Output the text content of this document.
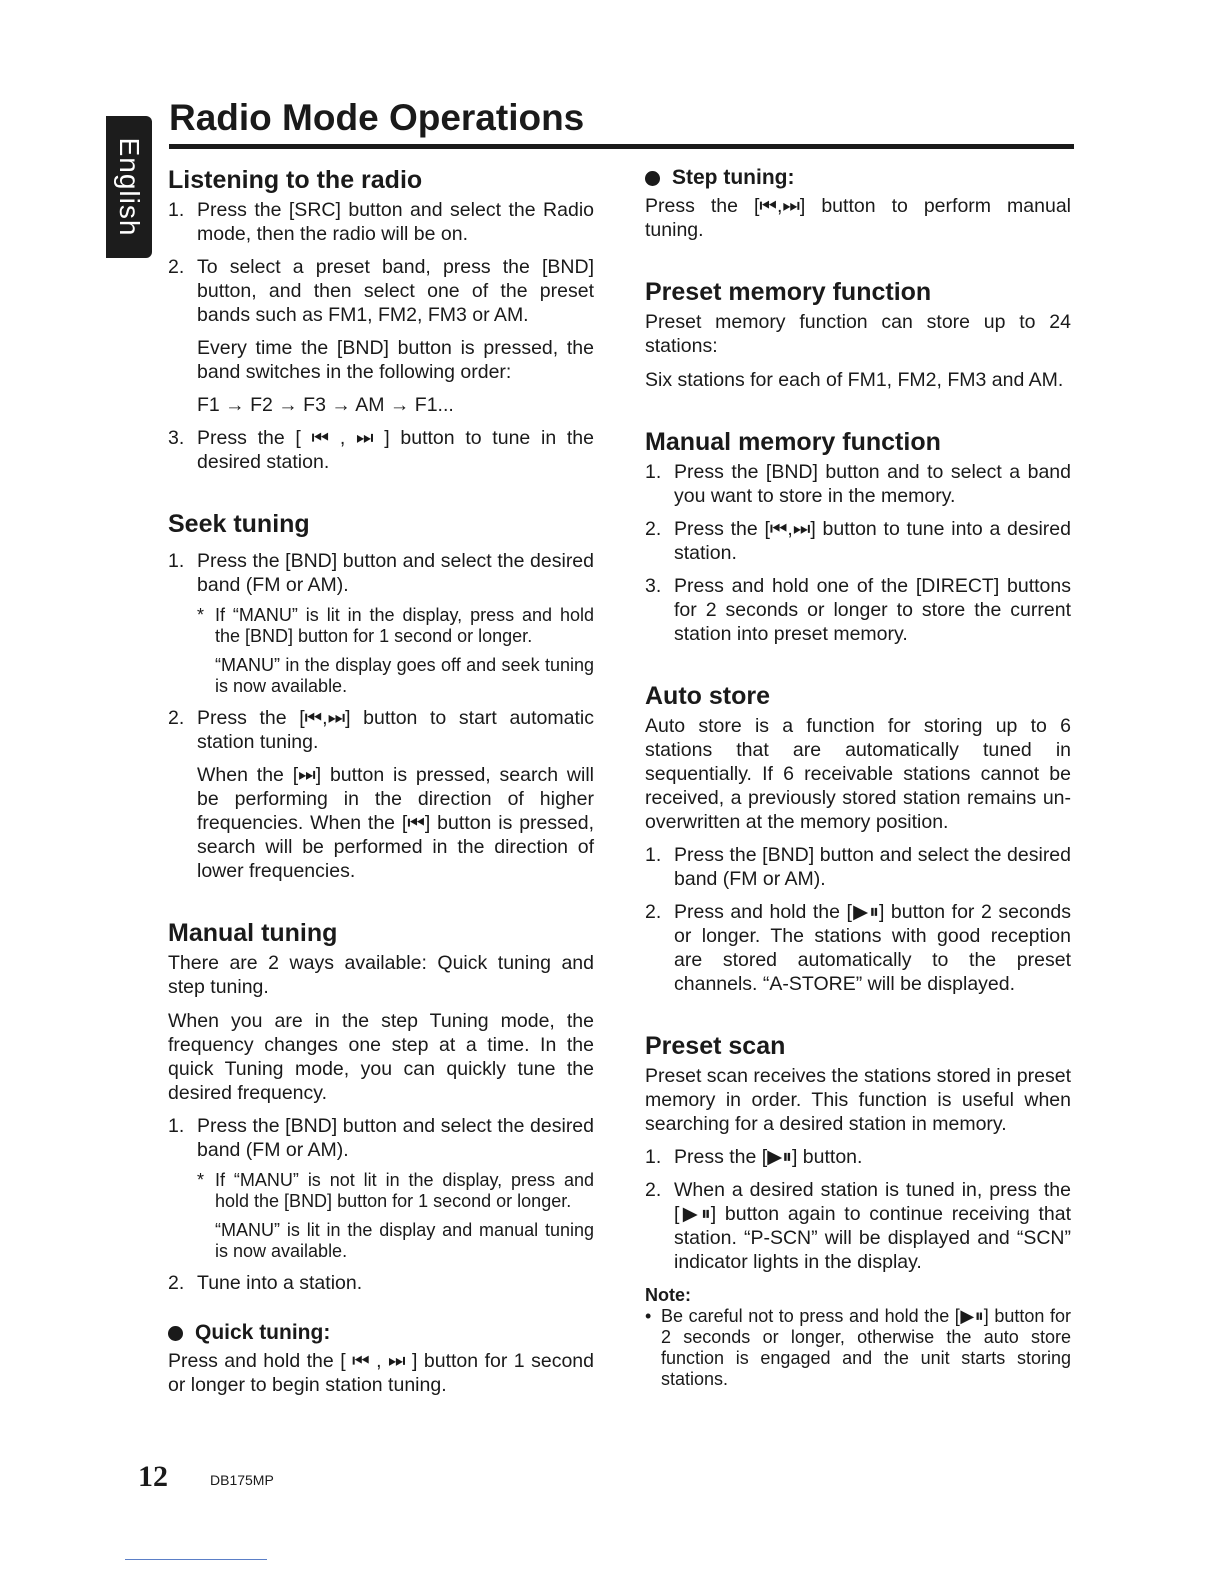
English
Radio Mode Operations
Listening to the radio
1. Press the [SRC] button and select the Radio mode, then the radio will be on.

2. To select a preset band, press the [BND] button, and then select one of the preset bands such as FM1, FM2, FM3 or AM.

Every time the [BND] button is pressed, the band switches in the following order:

F1 → F2 → F3 → AM → F1...

3. Press the [ ⏮ , ⏭ ] button to tune in the desired station.

Seek tuning
1. Press the [BND] button and select the desired band (FM or AM).

* If “MANU” is lit in the display, press and hold the [BND] button for 1 second or longer.

“MANU” in the display goes off and seek tuning is now available.

2. Press the [⏮,⏭] button to start automatic station tuning.

When the [⏭] button is pressed, search will be performing in the direction of higher frequencies. When the [⏮] button is pressed, search will be performed in the direction of lower frequencies.

Manual tuning

There are 2 ways available: Quick tuning and step tuning.

When you are in the step Tuning mode, the frequency changes one step at a time. In the quick Tuning mode, you can quickly tune the desired frequency.

1. Press the [BND] button and select the desired band (FM or AM).

* If “MANU” is not lit in the display, press and hold the [BND] button for 1 second or longer.

“MANU” is lit in the display and manual tuning is now available.

2. Tune into a station.

Quick tuning:

Press and hold the [ ⏮ , ⏭ ] button for 1 second or longer to begin station tuning.

Step tuning:

Press the [⏮,⏭] button to perform manual tuning.

Preset memory function

Preset memory function can store up to 24 stations:

Six stations for each of FM1, FM2, FM3 and AM.

Manual memory function
1. Press the [BND] button and to select a band you want to store in the memory.

2. Press the [⏮,⏭] button to tune into a desired station.

3. Press and hold one of the [DIRECT] buttons for 2 seconds or longer to store the current station into preset memory.

Auto store

Auto store is a function for storing up to 6 stations that are automatically tuned in sequentially. If 6 receivable stations cannot be received, a previously stored station remains un-overwritten at the memory position.

1. Press the [BND] button and select the desired band (FM or AM).

2. Press and hold the [▶⏸] button for 2 seconds or longer. The stations with good reception are stored automatically to the preset channels. “A-STORE” will be displayed.

Preset scan

Preset scan receives the stations stored in preset memory in order. This function is useful when searching for a desired station in memory.

1. Press the [▶⏸] button.

2. When a desired station is tuned in, press the [▶⏸] button again to continue receiving that station. “P-SCN” will be displayed and “SCN” indicator lights in the display.

Note:
• Be careful not to press and hold the [▶⏸] button for 2 seconds or longer, otherwise the auto store function is engaged and the unit starts storing stations.

12	DB175MP
